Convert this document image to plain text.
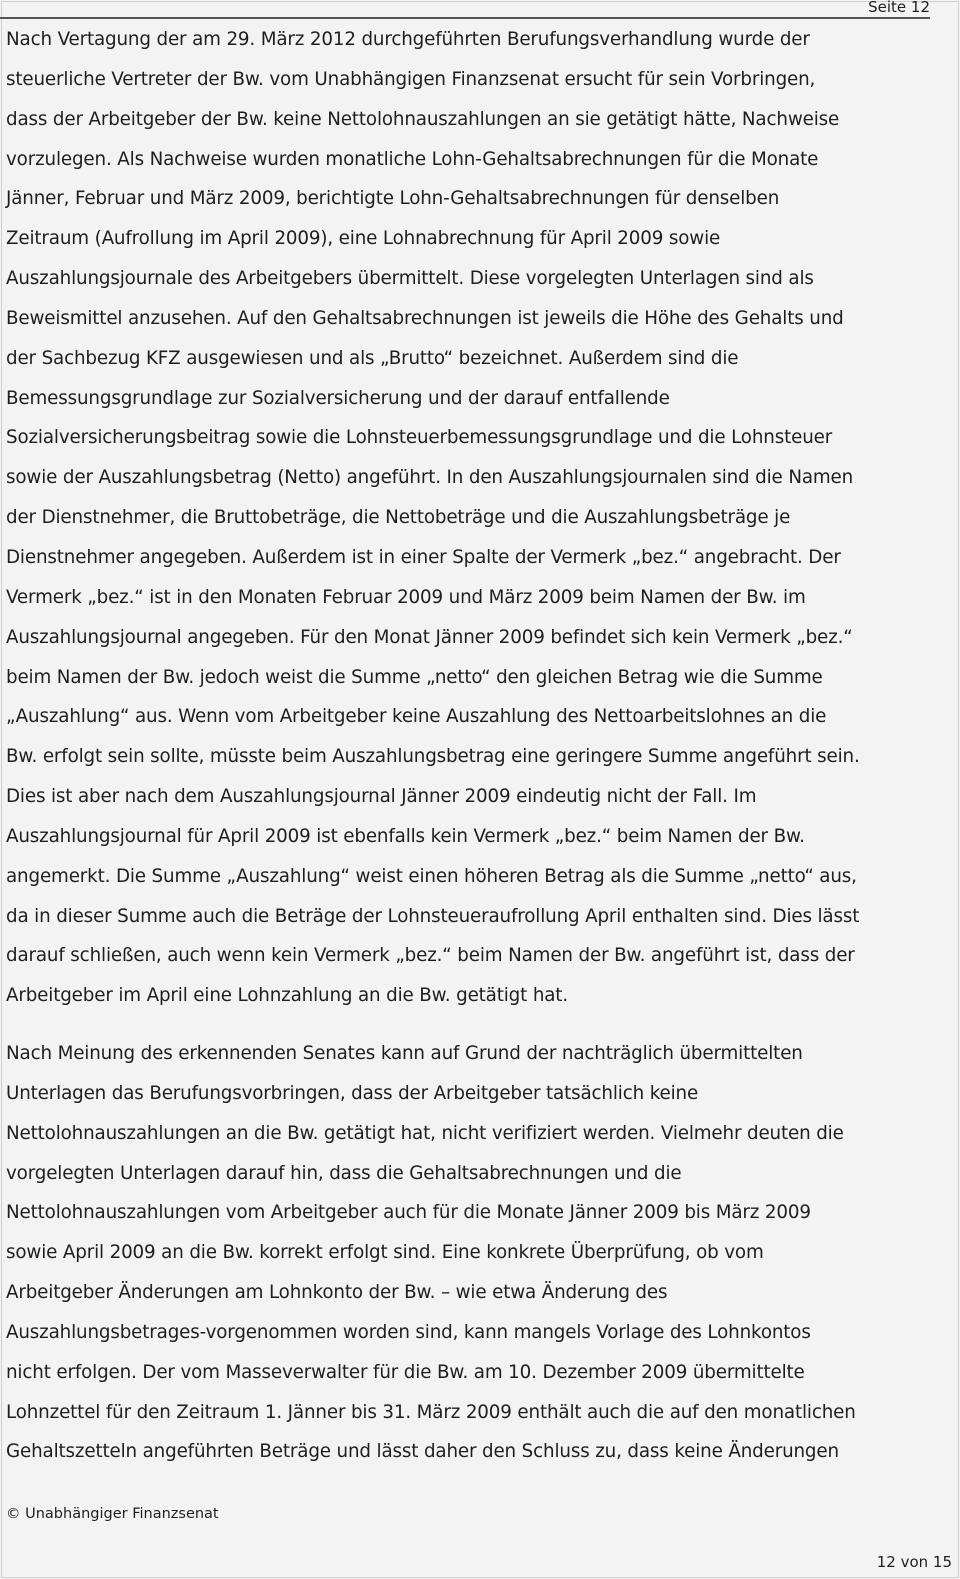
Seite 12
Nach Vertagung der am 29. März 2012 durchgeführten Berufungsverhandlung wurde der
steuerliche Vertreter der Bw. vom Unabhängigen Finanzsenat ersucht für sein Vorbringen,
dass der Arbeitgeber der Bw. keine Nettolohnauszahlungen an sie getätigt hätte, Nachweise
vorzulegen. Als Nachweise wurden monatliche Lohn-Gehaltsabrechnungen für die Monate
Jänner, Februar und März 2009, berichtigte Lohn-Gehaltsabrechnungen für denselben
Zeitraum (Aufrollung im April 2009), eine Lohnabrechnung für April 2009 sowie
Auszahlungsjournale des Arbeitgebers übermittelt. Diese vorgelegten Unterlagen sind als
Beweismittel anzusehen. Auf den Gehaltsabrechnungen ist jeweils die Höhe des Gehalts und
der Sachbezug KFZ ausgewiesen und als „Brutto“ bezeichnet. Außerdem sind die
Bemessungsgrundlage zur Sozialversicherung und der darauf entfallende
Sozialversicherungsbeitrag sowie die Lohnsteuerbemessungsgrundlage und die Lohnsteuer
sowie der Auszahlungsbetrag (Netto) angeführt. In den Auszahlungsjournalen sind die Namen
der Dienstnehmer, die Bruttobeträge, die Nettobeträge und die Auszahlungsbeträge je
Dienstnehmer angegeben. Außerdem ist in einer Spalte der Vermerk „bez.“ angebracht. Der
Vermerk „bez.“ ist in den Monaten Februar 2009 und März 2009 beim Namen der Bw. im
Auszahlungsjournal angegeben. Für den Monat Jänner 2009 befindet sich kein Vermerk „bez.“
beim Namen der Bw. jedoch weist die Summe „netto“ den gleichen Betrag wie die Summe
„Auszahlung“ aus. Wenn vom Arbeitgeber keine Auszahlung des Nettoarbeitslohnes an die
Bw. erfolgt sein sollte, müsste beim Auszahlungsbetrag eine geringere Summe angeführt sein.
Dies ist aber nach dem Auszahlungsjournal Jänner 2009 eindeutig nicht der Fall. Im
Auszahlungsjournal für April 2009 ist ebenfalls kein Vermerk „bez.“ beim Namen der Bw.
angemerkt. Die Summe „Auszahlung“ weist einen höheren Betrag als die Summe „netto“ aus,
da in dieser Summe auch die Beträge der Lohnsteueraufrollung April enthalten sind. Dies lässt
darauf schließen, auch wenn kein Vermerk „bez.“ beim Namen der Bw. angeführt ist, dass der
Arbeitgeber im April eine Lohnzahlung an die Bw. getätigt hat.
Nach Meinung des erkennenden Senates kann auf Grund der nachträglich übermittelten
Unterlagen das Berufungsvorbringen, dass der Arbeitgeber tatsächlich keine
Nettolohnauszahlungen an die Bw. getätigt hat, nicht verifiziert werden. Vielmehr deuten die
vorgelegten Unterlagen darauf hin, dass die Gehaltsabrechnungen und die
Nettolohnauszahlungen vom Arbeitgeber auch für die Monate Jänner 2009 bis März 2009
sowie April 2009 an die Bw. korrekt erfolgt sind. Eine konkrete Überprüfung, ob vom
Arbeitgeber Änderungen am Lohnkonto der Bw. – wie etwa Änderung des
Auszahlungsbetrages-vorgenommen worden sind, kann mangels Vorlage des Lohnkontos
nicht erfolgen. Der vom Masseverwalter für die Bw. am 10. Dezember 2009 übermittelte
Lohnzettel für den Zeitraum 1. Jänner bis 31. März 2009 enthält auch die auf den monatlichen
Gehaltszetteln angeführten Beträge und lässt daher den Schluss zu, dass keine Änderungen
© Unabhängiger Finanzsenat
12 von 15
